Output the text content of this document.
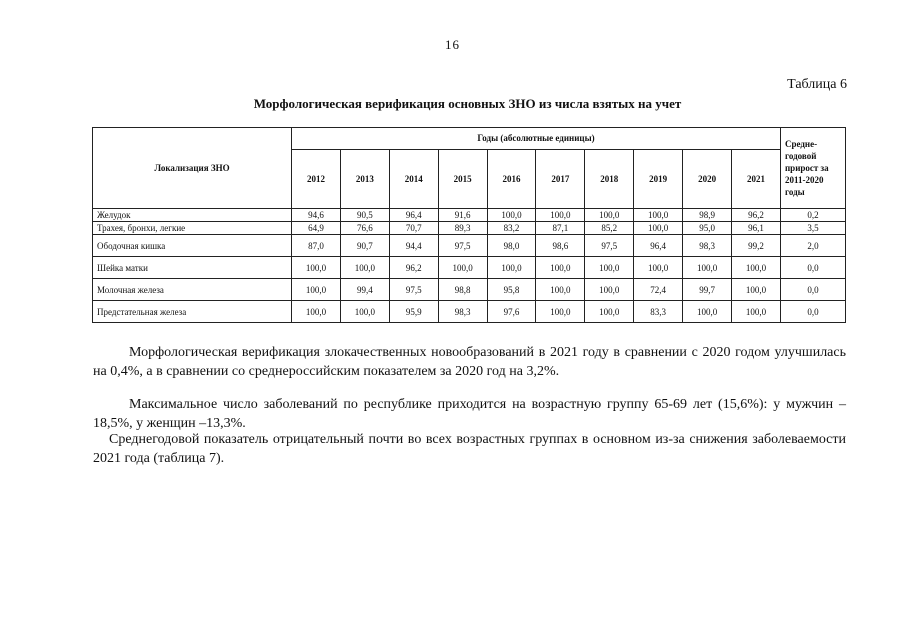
16
Таблица 6
Морфологическая верификация основных ЗНО из числа взятых на учет
Локализация ЗНО	Годы (абсолютные единицы)										Средне-годовой прирост за 2011-2020 годы
	2012	2013	2014	2015	2016	2017	2018	2019	2020	2021	
Желудок	94,6	90,5	96,4	91,6	100,0	100,0	100,0	100,0	98,9	96,2	0,2
Трахея, бронхи, легкие	64,9	76,6	70,7	89,3	83,2	87,1	85,2	100,0	95,0	96,1	3,5
Ободочная кишка	87,0	90,7	94,4	97,5	98,0	98,6	97,5	96,4	98,3	99,2	2,0
Шейка матки	100,0	100,0	96,2	100,0	100,0	100,0	100,0	100,0	100,0	100,0	0,0
Молочная железа	100,0	99,4	97,5	98,8	95,8	100,0	100,0	72,4	99,7	100,0	0,0
Предстательная железа	100,0	100,0	95,9	98,3	97,6	100,0	100,0	83,3	100,0	100,0	0,0
Морфологическая верификация злокачественных новообразований в 2021 году в сравнении с 2020 годом улучшилась на 0,4%, а в сравнении со среднероссийским показателем за 2020 год на 3,2%.
Максимальное число заболеваний по республике приходится на возрастную группу 65-69 лет (15,6%): у мужчин –18,5%, у женщин –13,3%.
Среднегодовой показатель отрицательный почти во всех возрастных группах в основном из-за снижения заболеваемости 2021 года (таблица 7).
